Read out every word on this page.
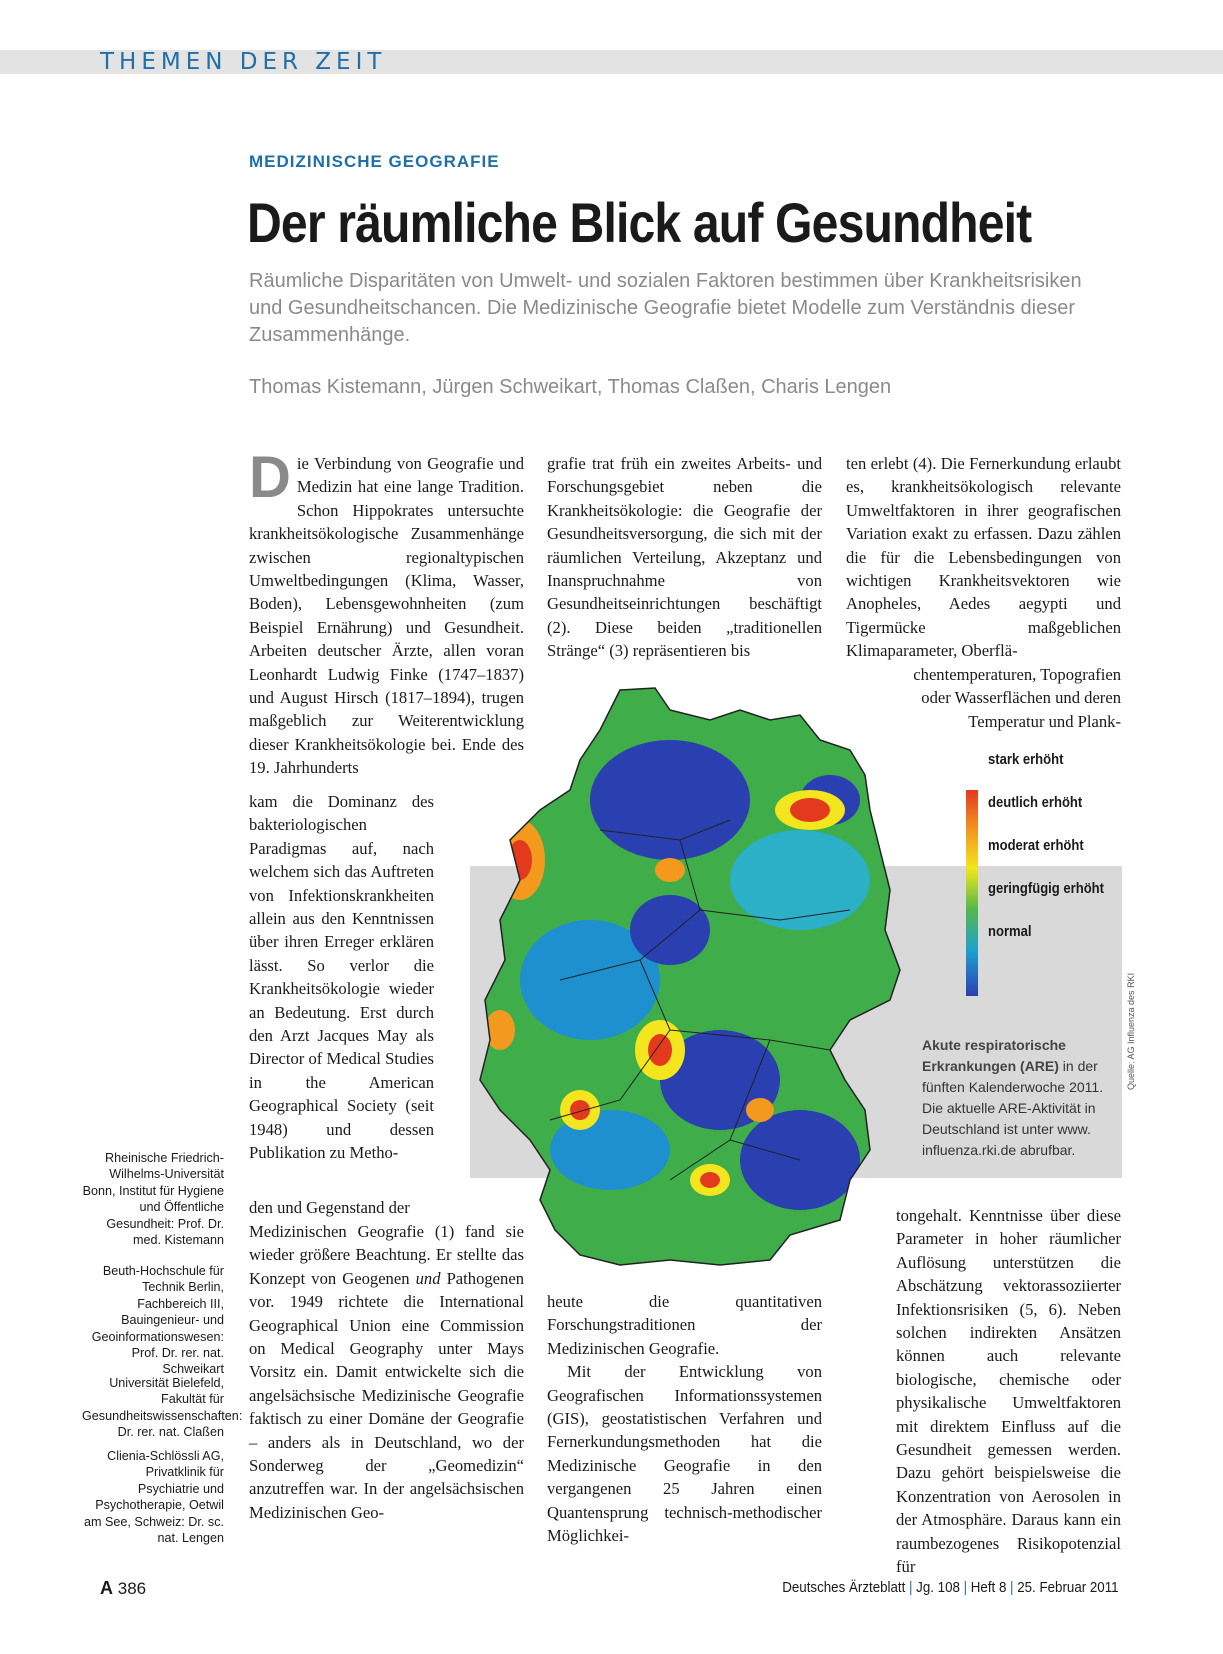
THEMEN DER ZEIT
MEDIZINISCHE GEOGRAFIE
Der räumliche Blick auf Gesundheit
Räumliche Disparitäten von Umwelt- und sozialen Faktoren bestimmen über Krankheitsrisiken und Gesundheitschancen. Die Medizinische Geografie bietet Modelle zum Verständnis dieser Zusammenhänge.
Thomas Kistemann, Jürgen Schweikart, Thomas Claßen, Charis Lengen
D ie Verbindung von Geografie und Medizin hat eine lange Tradition. Schon Hippokrates untersuchte krankheitsökologische Zusammenhänge zwischen regionaltypischen Umweltbedingungen (Klima, Wasser, Boden), Lebensgewohnheiten (zum Beispiel Ernährung) und Gesundheit. Arbeiten deutscher Ärzte, allen voran Leonhardt Ludwig Finke (1747–1837) und August Hirsch (1817–1894), trugen maßgeblich zur Weiterentwicklung dieser Krankheitsökologie bei. Ende des 19. Jahrhunderts

kam die Dominanz des bakteriologischen Paradigmas auf, nach welchem sich das Auftreten von Infektionskrankheiten allein aus den Kenntnissen über ihren Erreger erklären lässt. So verlor die Krankheitsökologie wieder an Bedeutung. Erst durch den Arzt Jacques May als Director of Medical Studies in the American Geographical Society (seit 1948) und dessen Publikation zu Metho-

den und Gegenstand der

Medizinischen Geografie (1) fand sie wieder größere Beachtung. Er stellte das Konzept von Geogenen und Pathogenen vor. 1949 richtete die International Geographical Union eine Commission on Medical Geography unter Mays Vorsitz ein. Damit entwickelte sich die angelsächsische Medizinische Geografie faktisch zu einer Domäne der Geografie – anders als in Deutschland, wo der Sonderweg der „Geomedizin“ anzutreffen war. In der angelsächsischen Medizinischen Geo-

grafie trat früh ein zweites Arbeits- und Forschungsgebiet neben die Krankheitsökologie: die Geografie der Gesundheitsversorgung, die sich mit der räumlichen Verteilung, Akzeptanz und Inanspruchnahme von Gesundheitseinrichtungen beschäftigt (2). Diese beiden „traditionellen Stränge“ (3) repräsentieren bis

heute die quantitativen Forschungstraditionen der Medizinischen Geografie.

Mit der Entwicklung von Geografischen Informationssystemen (GIS), geostatistischen Verfahren und Fernerkundungsmethoden hat die Medizinische Geografie in den vergangenen 25 Jahren einen Quantensprung technisch-methodischer Möglichkei-

ten erlebt (4). Die Fernerkundung erlaubt es, krankheitsökologisch relevante Umweltfaktoren in ihrer geografischen Variation exakt zu erfassen. Dazu zählen die für die Lebensbedingungen von wichtigen Krankheitsvektoren wie Anopheles, Aedes aegypti und Tigermücke maßgeblichen Klimaparameter, Oberflä-

chentemperaturen, Topografien oder Wasserflächen und deren Temperatur und Plank-

tongehalt. Kenntnisse über diese Parameter in hoher räumlicher Auflösung unterstützen die Abschätzung vektorassoziierter Infektionsrisiken (5, 6). Neben solchen indirekten Ansätzen können auch relevante biologische, chemische oder physikalische Umweltfaktoren mit direktem Einfluss auf die Gesundheit gemessen werden. Dazu gehört beispielsweise die Konzentration von Aerosolen in der Atmosphäre. Daraus kann ein raumbezogenes Risikopotenzial für

stark erhöht
deutlich erhöht
moderat erhöht
geringfügig erhöht
normal
Akute respiratorische Erkrankungen (ARE) in der fünften Kalenderwoche 2011. Die aktuelle ARE-Aktivität in Deutschland ist unter www. influenza.rki.de abrufbar.
Quelle: AG Influenza des RKI
Rheinische Friedrich-Wilhelms-Universität Bonn, Institut für Hygiene und Öffentliche Gesundheit: Prof. Dr. med. Kistemann
Beuth-Hochschule für Technik Berlin, Fachbereich III, Bauingenieur- und Geoinformationswesen: Prof. Dr. rer. nat. Schweikart
Universität Bielefeld, Fakultät für Gesundheitswissenschaften: Dr. rer. nat. Claßen
Clienia-Schlössli AG, Privatklinik für Psychiatrie und Psychotherapie, Oetwil am See, Schweiz: Dr. sc. nat. Lengen
A 386	Deutsches Ärzteblatt | Jg. 108 | Heft 8 | 25. Februar 2011
